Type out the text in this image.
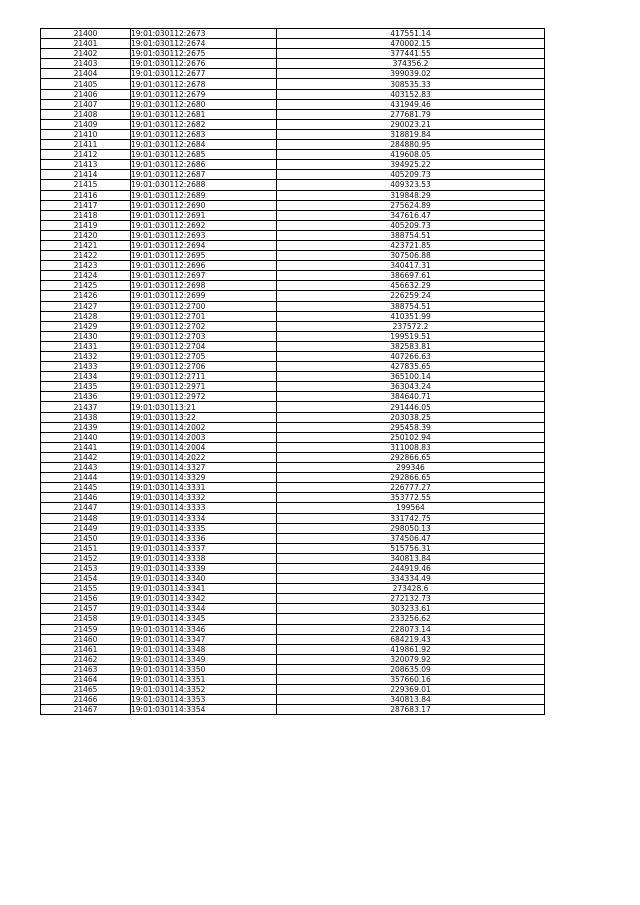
21400	19:01:030112:2673	417551.14
21401	19:01:030112:2674	470002.15
21402	19:01:030112:2675	377441.55
21403	19:01:030112:2676	374356.2
21404	19:01:030112:2677	399039.02
21405	19:01:030112:2678	308535.33
21406	19:01:030112:2679	403152.83
21407	19:01:030112:2680	431949.46
21408	19:01:030112:2681	277681.79
21409	19:01:030112:2682	290023.21
21410	19:01:030112:2683	318819.84
21411	19:01:030112:2684	284880.95
21412	19:01:030112:2685	419608.05
21413	19:01:030112:2686	394925.22
21414	19:01:030112:2687	405209.73
21415	19:01:030112:2688	409323.53
21416	19:01:030112:2689	319848.29
21417	19:01:030112:2690	275624.89
21418	19:01:030112:2691	347616.47
21419	19:01:030112:2692	405209.73
21420	19:01:030112:2693	388754.51
21421	19:01:030112:2694	423721.85
21422	19:01:030112:2695	307506.88
21423	19:01:030112:2696	340417.31
21424	19:01:030112:2697	386697.61
21425	19:01:030112:2698	456632.29
21426	19:01:030112:2699	226259.24
21427	19:01:030112:2700	388754.51
21428	19:01:030112:2701	410351.99
21429	19:01:030112:2702	237572.2
21430	19:01:030112:2703	199519.51
21431	19:01:030112:2704	382583.81
21432	19:01:030112:2705	407266.63
21433	19:01:030112:2706	427835.65
21434	19:01:030112:2711	365100.14
21435	19:01:030112:2971	363043.24
21436	19:01:030112:2972	384640.71
21437	19:01:030113:21	291446.05
21438	19:01:030113:22	203038.25
21439	19:01:030114:2002	295458.39
21440	19:01:030114:2003	250102.94
21441	19:01:030114:2004	311008.83
21442	19:01:030114:2022	292866.65
21443	19:01:030114:3327	299346
21444	19:01:030114:3329	292866.65
21445	19:01:030114:3331	226777.27
21446	19:01:030114:3332	353772.55
21447	19:01:030114:3333	199564
21448	19:01:030114:3334	331742.75
21449	19:01:030114:3335	298050.13
21450	19:01:030114:3336	374506.47
21451	19:01:030114:3337	515756.31
21452	19:01:030114:3338	340813.84
21453	19:01:030114:3339	244919.46
21454	19:01:030114:3340	334334.49
21455	19:01:030114:3341	273428.6
21456	19:01:030114:3342	272132.73
21457	19:01:030114:3344	303233.61
21458	19:01:030114:3345	233256.62
21459	19:01:030114:3346	228073.14
21460	19:01:030114:3347	684219.43
21461	19:01:030114:3348	419861.92
21462	19:01:030114:3349	320079.92
21463	19:01:030114:3350	208635.09
21464	19:01:030114:3351	357660.16
21465	19:01:030114:3352	229369.01
21466	19:01:030114:3353	340813.84
21467	19:01:030114:3354	287683.17
